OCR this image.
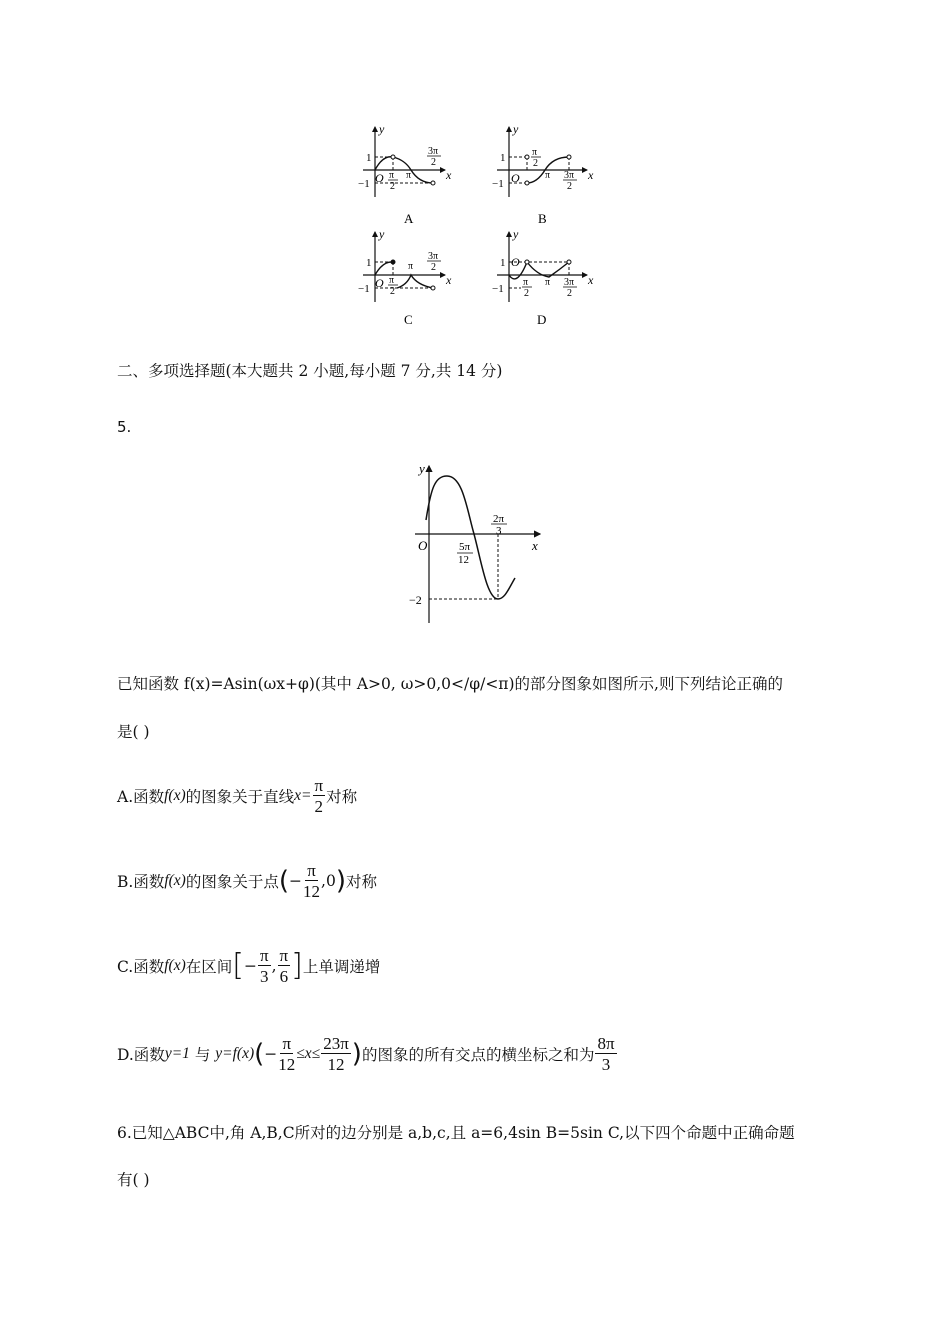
y
x
1
−1 O π
2
π
3π
2
A
y
x
1
−1 O
π
2
π 3π
2
B
y
x
1
−1 O π
2
π
3π
2
C
y
x
1
−1
O
π
2
π 3π
2
D
二、多项选择题(本大题共 2 小题,每小题 7 分,共 14 分)
5.
y
x
O	5π
12
2π
3
−2
已知函数 f(x)=Asin(ωx+φ)(其中 A>0, ω>0,0</φ/<π)的部分图象如图所示,则下列结论正确的
是( )
A.函数 f(x) 的图象关于直线 $x= \frac{\pi}{2}$ 对称
B.函数 f(x) 的图象关于点 ( − $\frac{\pi}{12} ,0$ ) 对称
C.函数 f(x) 在区间 [ − $\frac{\pi}{3}$ , $\frac{\pi}{6}$ ] 上单调递增
D.函数 y=1 与 y=f(x) ( − $\frac{\pi}{12} \le x\le \frac{23\pi}{12}$ ) 的图象的所有交点的横坐标之和为 $\frac{8\pi}{3}$
6.已知△ABC中,角 A,B,C所对的边分别是 a,b,c,且 a=6,4sin B=5sin C,以下四个命题中正确命题
有( )
